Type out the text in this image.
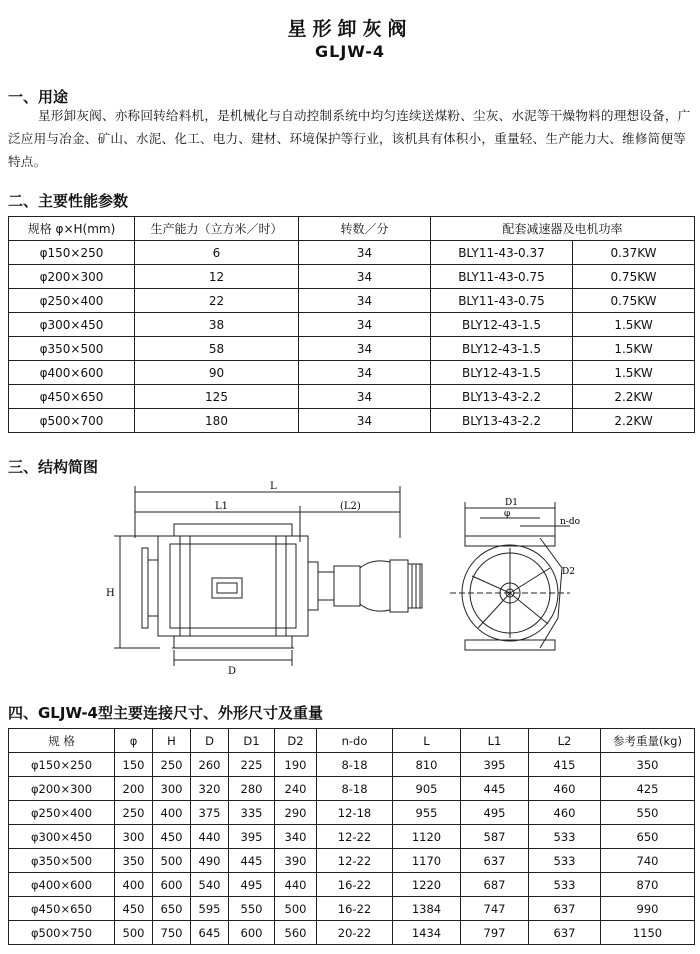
星形卸灰阀
GLJW-4
一、用途
星形卸灰阀、亦称回转给料机，是机械化与自动控制系统中均匀连续送煤粉、尘灰、水泥等干燥物料的理想设备，广泛应用与冶金、矿山、水泥、化工、电力、建材、环境保护等行业，该机具有体积小，重量轻、生产能力大、维修简便等特点。
二、主要性能参数
规格 φ×H(mm)	生产能力（立方米／时）	转数／分	配套减速器及电机功率	
φ150×250	6	34	BLY11-43-0.37	0.37KW
φ200×300	12	34	BLY11-43-0.75	0.75KW
φ250×400	22	34	BLY11-43-0.75	0.75KW
φ300×450	38	34	BLY12-43-1.5	1.5KW
φ350×500	58	34	BLY12-43-1.5	1.5KW
φ400×600	90	34	BLY12-43-1.5	1.5KW
φ450×650	125	34	BLY13-43-2.2	2.2KW
φ500×700	180	34	BLY13-43-2.2	2.2KW
三、结构简图
L
L1	(L2)
H
D
D1
φ
n-do
D2
四、GLJW-4型主要连接尺寸、外形尺寸及重量
规 格	φ	H	D	D1	D2	n-do	L	L1	L2	参考重量(kg)
φ150×250	150	250	260	225	190	8-18	810	395	415	350
φ200×300	200	300	320	280	240	8-18	905	445	460	425
φ250×400	250	400	375	335	290	12-18	955	495	460	550
φ300×450	300	450	440	395	340	12-22	1120	587	533	650
φ350×500	350	500	490	445	390	12-22	1170	637	533	740
φ400×600	400	600	540	495	440	16-22	1220	687	533	870
φ450×650	450	650	595	550	500	16-22	1384	747	637	990
φ500×750	500	750	645	600	560	20-22	1434	797	637	1150
